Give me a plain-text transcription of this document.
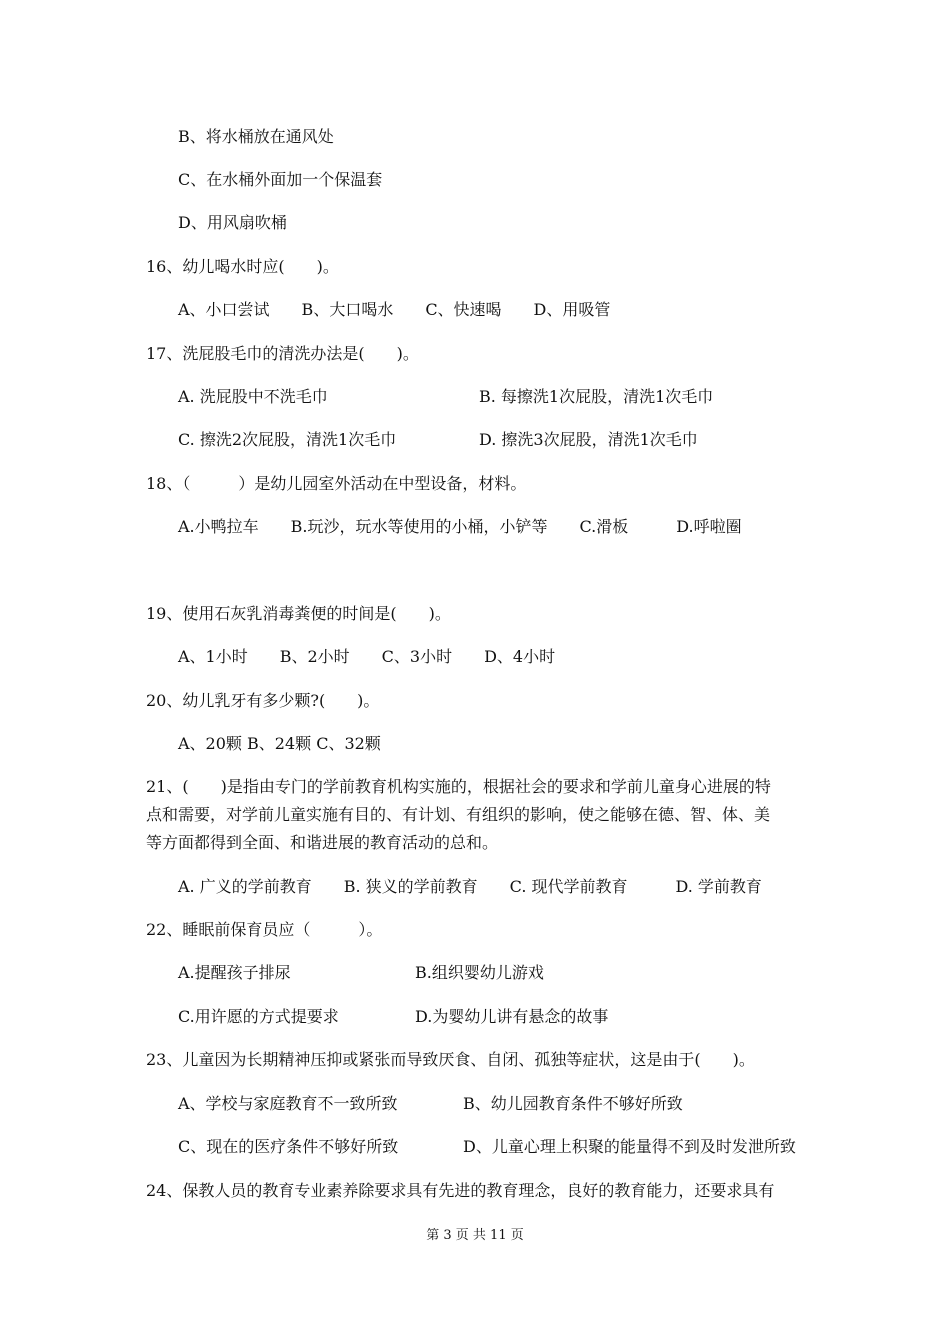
B、将水桶放在通风处

C、在水桶外面加一个保温套

D、用风扇吹桶

16、幼儿喝水时应(　　)。

A、小口尝试　　B、大口喝水　　C、快速喝　　D、用吸管

17、洗屁股毛巾的清洗办法是(　　)。

A. 洗屁股中不洗毛巾	B. 每擦洗1次屁股，清洗1次毛巾

C. 擦洗2次屁股，清洗1次毛巾	D. 擦洗3次屁股，清洗1次毛巾

18、（　　　）是幼儿园室外活动在中型设备，材料。

A.小鸭拉车　　B.玩沙，玩水等使用的小桶，小铲等　　C.滑板　　　D.呼啦圈

19、使用石灰乳消毒粪便的时间是(　　)。

A、1小时　　B、2小时　　C、3小时　　D、4小时

20、幼儿乳牙有多少颗?(　　)。

A、20颗 B、24颗 C、32颗

21、(　　)是指由专门的学前教育机构实施的，根据社会的要求和学前儿童身心进展的特

点和需要，对学前儿童实施有目的、有计划、有组织的影响，使之能够在德、智、体、美

等方面都得到全面、和谐进展的教育活动的总和。

A. 广义的学前教育　　B. 狭义的学前教育　　C. 现代学前教育　　　D. 学前教育

22、睡眠前保育员应（　　　）。

A.提醒孩子排尿	B.组织婴幼儿游戏

C.用许愿的方式提要求	D.为婴幼儿讲有悬念的故事

23、儿童因为长期精神压抑或紧张而导致厌食、自闭、孤独等症状，这是由于(　　)。

A、学校与家庭教育不一致所致	B、幼儿园教育条件不够好所致

C、现在的医疗条件不够好所致	D、儿童心理上积聚的能量得不到及时发泄所致

24、保教人员的教育专业素养除要求具有先进的教育理念，良好的教育能力，还要求具有

第 3 页 共 11 页
